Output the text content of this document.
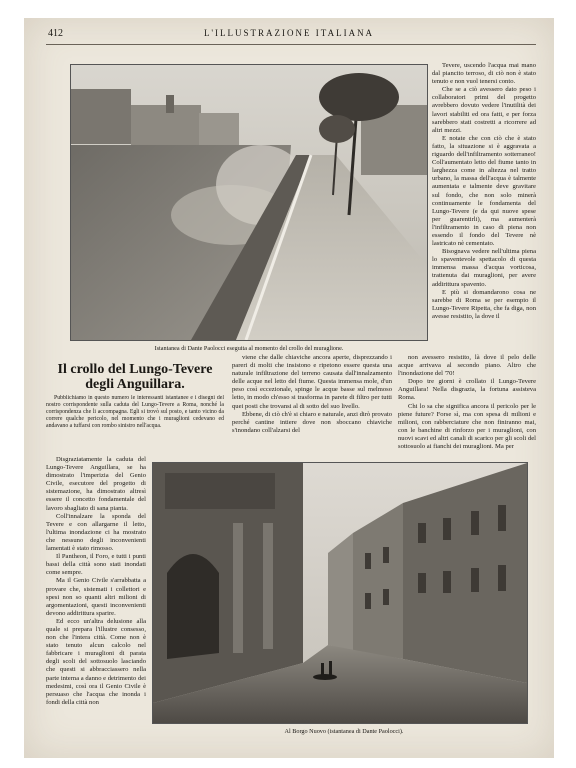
412	L'ILLUSTRAZIONE ITALIANA
Istantanea di Dante Paolocci eseguita al momento del crollo del muraglione.

Tevere, uscendo l'acqua mai mano dal piancito terroso, di ciò non è stato tenuto e non vuol tenersi conto.

Che se a ciò avessero dato peso i collaboratori primi del progetto avrebbero dovuto vedere l'inutilità dei lavori stabiliti ed ora fatti, e per forza sarebbero stati costretti a ricorrere ad altri mezzi.

E notate che con ciò che è stato fatto, la situazione si è aggravata a riguardo dell'infiltramento sotterraneo! Coll'aumentato letto del fiume tanto in larghezza come in altezza nel tratto urbano, la massa dell'acqua è talmente aumentata e talmente deve gravitare sul fondo, che non solo minerà continuamente le fondamenta del Lungo-Tevere (e da qui nuove spese per guarentirli), ma aumenterà l'infiltramento in caso di piena non essendo il fondo del Tevere nè lastricato nè cementato.

Bisognava vedere nell'ultima piena lo spaventevole spettacolo di questa immensa massa d'acqua vorticosa, trattenuta dai muraglioni, per avere addirittura spavento.

E più si domandarono cosa ne sarebbe di Roma se per esempio il Lungo-Tevere Ripetta, che fa diga, non avesse resistito, la dove il

Il crollo del Lungo-Tevere degli Anguillara.

Pubblichiamo in questo numero le interessanti istantanee e i disegni del nostro corrispondente sulla caduta del Lungo-Tevere a Roma, nonché la corrispondenza che li accompagna. Egli si trovò sul posto, e tanto vicino da correre qualche pericolo, nel momento che i muraglioni cedevano ed andavano a tuffarsi con rombo sinistro nell'acqua.

viene che dalle chiaviche ancora aperte, disprezzando i pareri di molti che insistono e ripetono essere questa una naturale infiltrazione del terreno causata dall'innalzamento delle acque nel letto del fiume. Questa immensa mole, d'un peso così eccezionale, spinge le acque basse sul melmoso letto, in modo ch'esso si trasforma in parete di filtro per tutti quei posti che trovansi al di sotto del suo livello.

Ebbene, di ciò ch'è si chiaro e naturale, anzi dirò provato perché cantine intiere dove non sboccano chiaviche s'inondano coll'alzarsi del

non avessero resistito, là dove il pelo delle acque arrivava al secondo piano. Altro che l'inondazione del '70!

Dopo tre giorni è crollato il Lungo-Tevere Anguillara! Nella disgrazia, la fortuna assisteva Roma.

Chi lo sa che significa ancora il pericolo per le piene future? Forse sì, ma con spesa di milioni e milioni, con rabberciature che non finiranno mai, con le banchine di rinforzo per i muraglioni, con nuovi scavi ed altri canali di scarico per gli scoli del sottosuolo ai fianchi dei muraglioni. Ma per

Disgraziatamente la caduta del Lungo-Tevere Anguillara, se ha dimostrato l'imperizia del Genio Civile, esecutore del progetto di sistemazione, ha dimostrato altresì essere il concetto fondamentale del lavoro sbagliato di sana pianta.

Coll'innalzare la sponda del Tevere e con allargarne il letto, l'ultima inondazione ci ha mostrato che nessuno degli inconvenienti lamentati è stato rimosso.

Il Pantheon, il Foro, e tutti i punti bassi della città sono stati inondati come sempre.

Ma il Genio Civile s'arrabbatta a provare che, sistemati i collettori e spesi non so quanti altri milioni di argomentazioni, questi inconvenienti devono addirittura sparire.

Ed ecco un'altra delusione alla quale si prepara l'illustre consesso, non che l'intera città. Come non è stato tenuto alcun calcolo nel fabbricare i muraglioni di parata degli scoli del sottosuolo lasciando che questi si abbracciassero nella parte interna a danno e detrimento dei medesimi, così ora il Genio Civile è persuaso che l'acqua che inonda i fondi della città non

Al Borgo Nuovo (istantanea di Dante Paolocci).
